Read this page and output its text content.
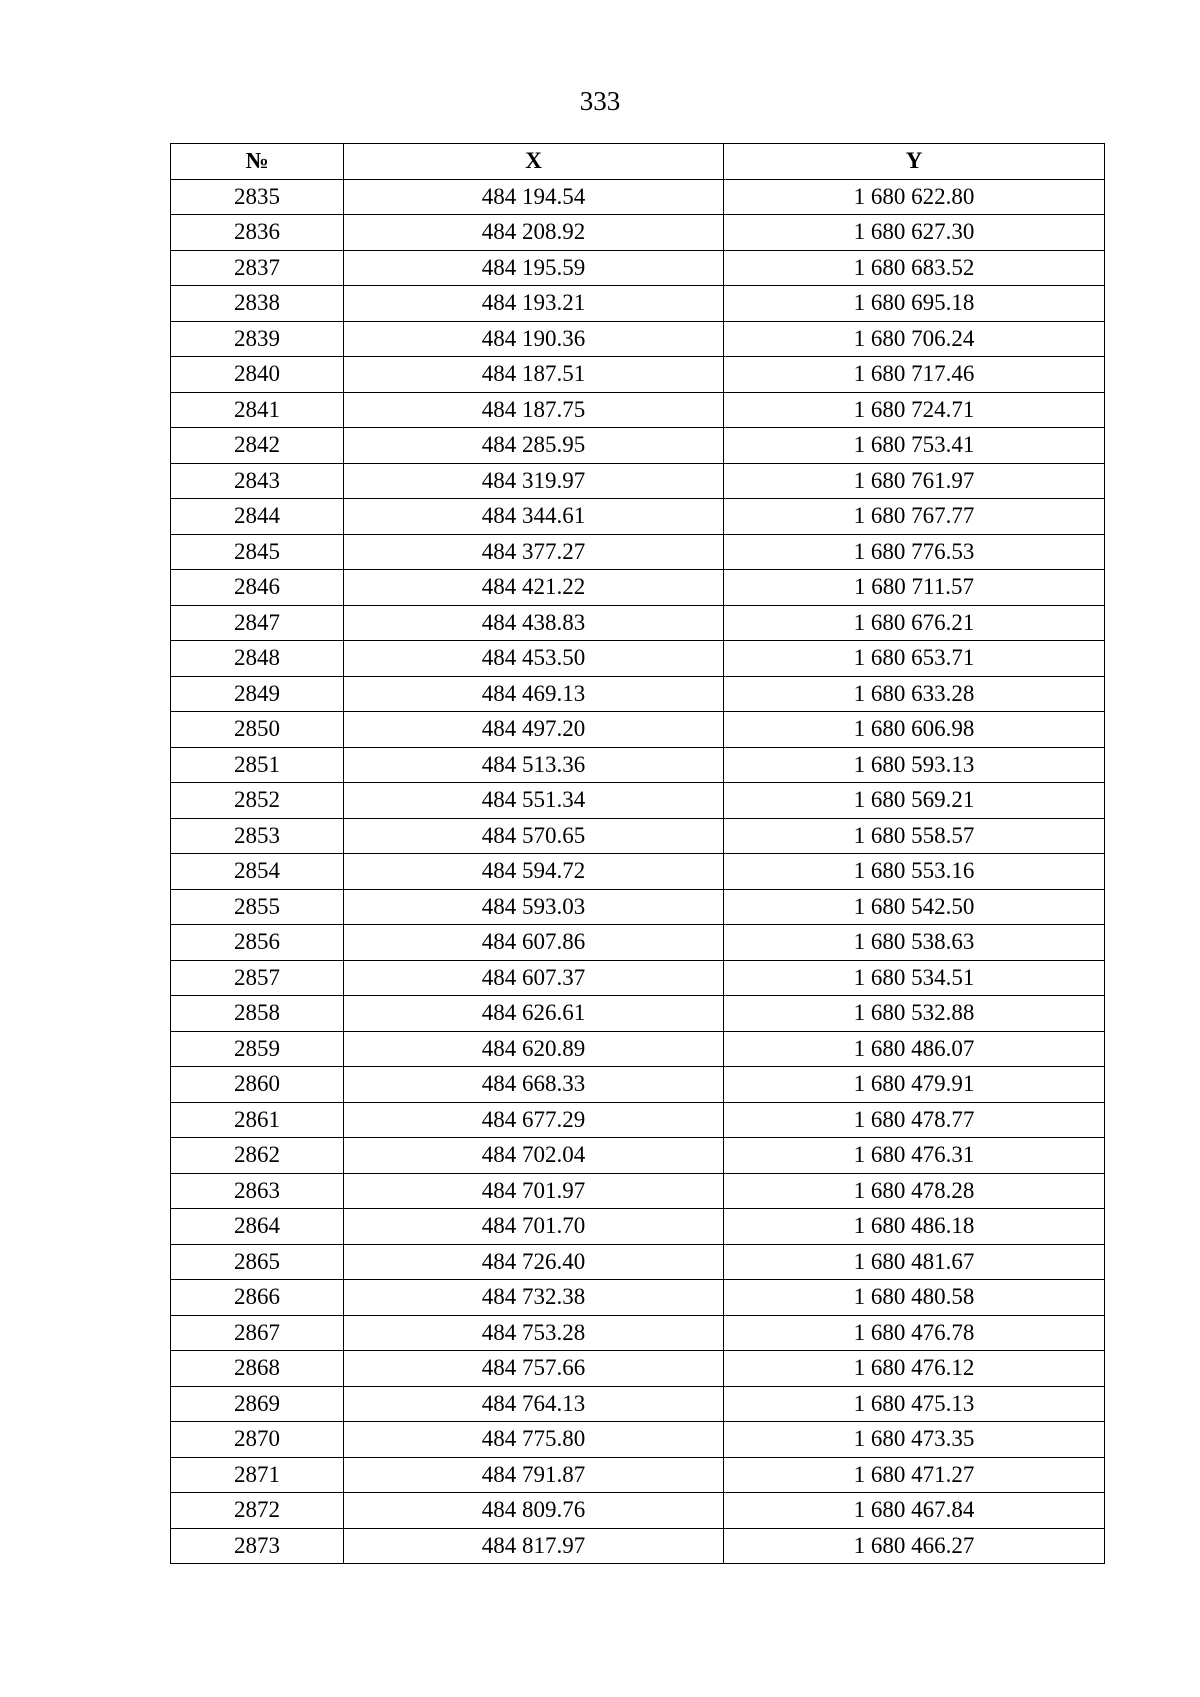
333
№	X	Y
2835	484 194.54	1 680 622.80
2836	484 208.92	1 680 627.30
2837	484 195.59	1 680 683.52
2838	484 193.21	1 680 695.18
2839	484 190.36	1 680 706.24
2840	484 187.51	1 680 717.46
2841	484 187.75	1 680 724.71
2842	484 285.95	1 680 753.41
2843	484 319.97	1 680 761.97
2844	484 344.61	1 680 767.77
2845	484 377.27	1 680 776.53
2846	484 421.22	1 680 711.57
2847	484 438.83	1 680 676.21
2848	484 453.50	1 680 653.71
2849	484 469.13	1 680 633.28
2850	484 497.20	1 680 606.98
2851	484 513.36	1 680 593.13
2852	484 551.34	1 680 569.21
2853	484 570.65	1 680 558.57
2854	484 594.72	1 680 553.16
2855	484 593.03	1 680 542.50
2856	484 607.86	1 680 538.63
2857	484 607.37	1 680 534.51
2858	484 626.61	1 680 532.88
2859	484 620.89	1 680 486.07
2860	484 668.33	1 680 479.91
2861	484 677.29	1 680 478.77
2862	484 702.04	1 680 476.31
2863	484 701.97	1 680 478.28
2864	484 701.70	1 680 486.18
2865	484 726.40	1 680 481.67
2866	484 732.38	1 680 480.58
2867	484 753.28	1 680 476.78
2868	484 757.66	1 680 476.12
2869	484 764.13	1 680 475.13
2870	484 775.80	1 680 473.35
2871	484 791.87	1 680 471.27
2872	484 809.76	1 680 467.84
2873	484 817.97	1 680 466.27
